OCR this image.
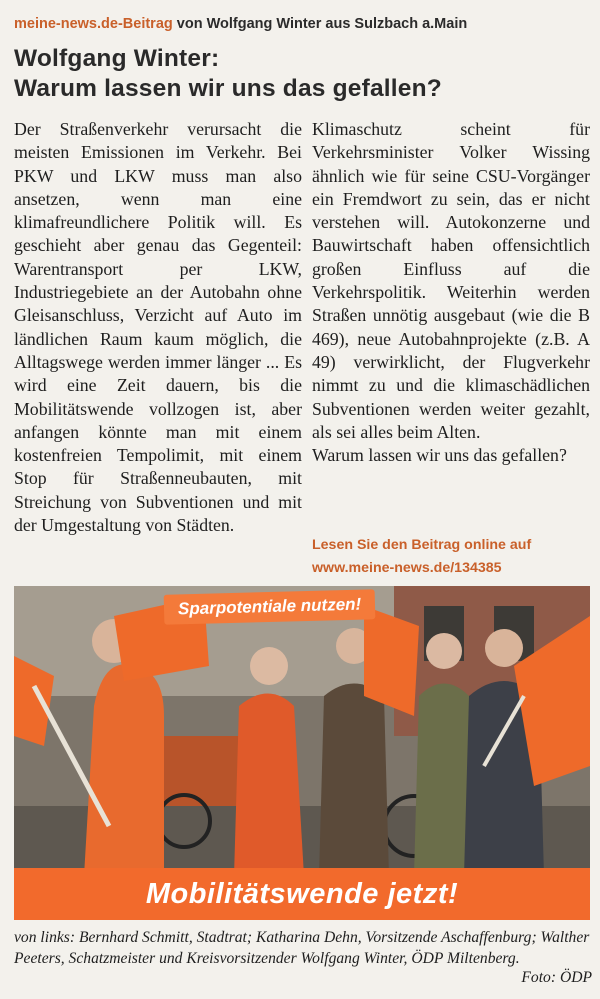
meine-news.de-Beitrag von Wolfgang Winter aus Sulzbach a.Main
Wolfgang Winter:
Warum lassen wir uns das gefallen?

Der Straßenverkehr verursacht die meisten Emissionen im Verkehr. Bei PKW und LKW muss man also ansetzen, wenn man eine klimafreundlichere Politik will. Es geschieht aber genau das Gegenteil: Warentransport per LKW, Industriegebiete an der Autobahn ohne Gleisanschluss, Verzicht auf Auto im ländlichen Raum kaum möglich, die Alltagswege werden immer länger ... Es wird eine Zeit dauern, bis die Mobilitätswende vollzogen ist, aber anfangen könnte man mit einem kostenfreien Tempolimit, mit einem Stop für Straßenneubauten, mit Streichung von Subventionen und mit der Umgestaltung von Städten.

Klimaschutz scheint für Verkehrsminister Volker Wissing ähnlich wie für seine CSU-Vorgänger ein Fremdwort zu sein, das er nicht verstehen will. Autokonzerne und Bauwirtschaft haben offensichtlich großen Einfluss auf die Verkehrspolitik. Weiterhin werden Straßen unnötig ausgebaut (wie die B 469), neue Autobahnprojekte (z.B. A 49) verwirklicht, der Flugverkehr nimmt zu und die klimaschädlichen Subventionen werden weiter gezahlt, als sei alles beim Alten.

Warum lassen wir uns das gefallen?

Lesen Sie den Beitrag online auf
www.meine-news.de/134385
Sparpotentiale nutzen!
Mobilitätswende jetzt!
von links: Bernhard Schmitt, Stadtrat; Katharina Dehn, Vorsitzende Aschaffenburg; Walther Peeters, Schatzmeister und Kreisvorsitzender Wolfgang Winter, ÖDP Miltenberg.
Foto: ÖDP
